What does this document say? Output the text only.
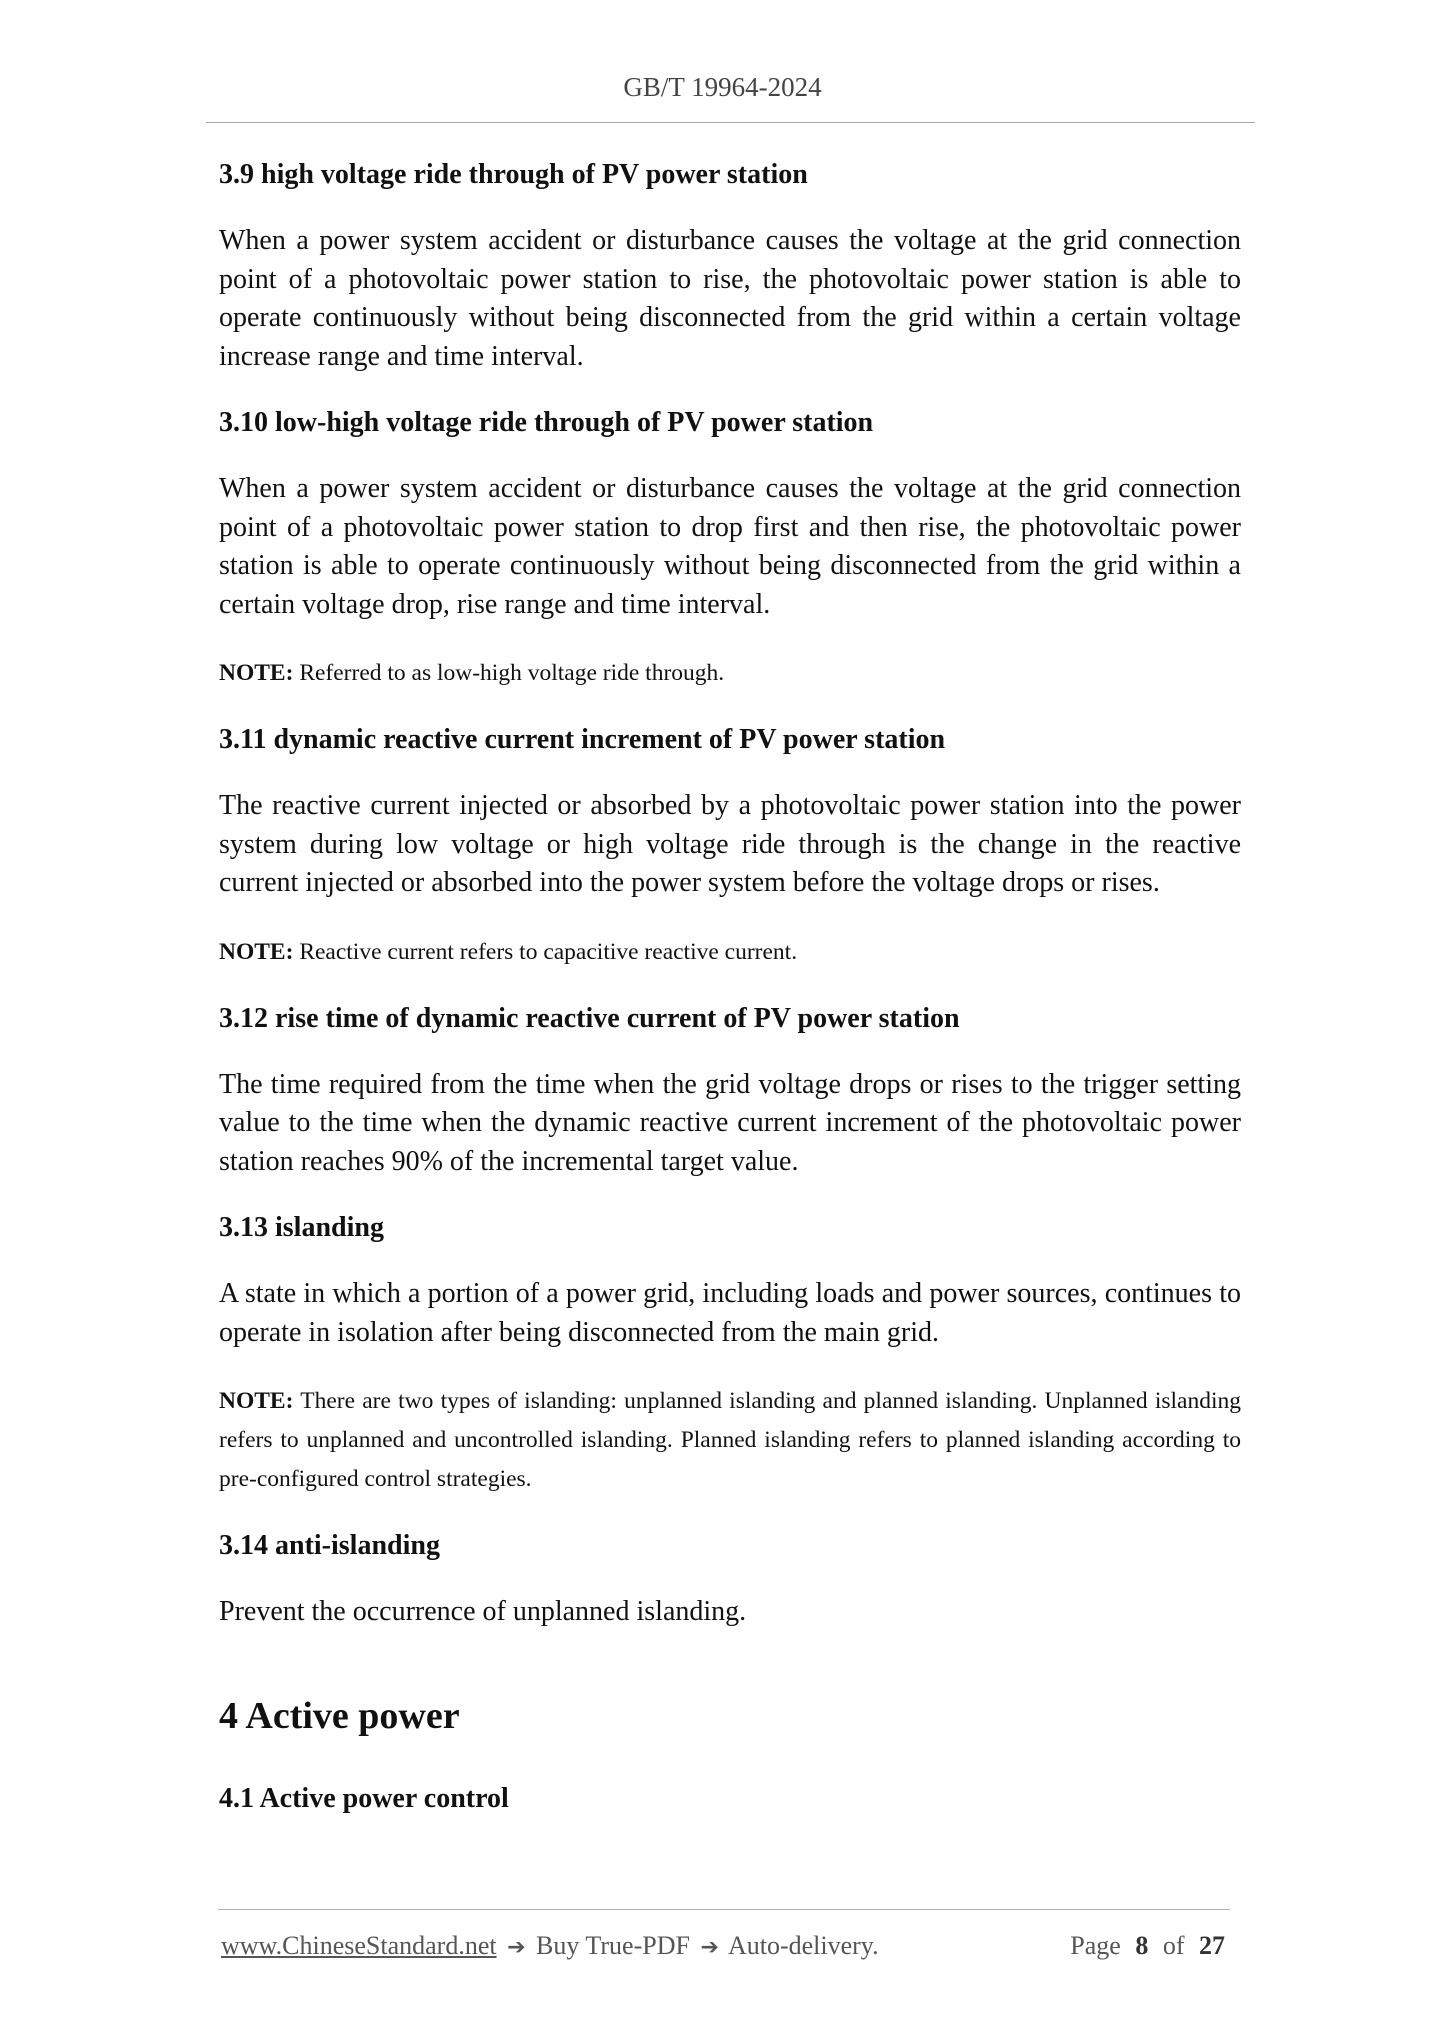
GB/T 19964-2024
3.9 high voltage ride through of PV power station
When a power system accident or disturbance causes the voltage at the grid connection point of a photovoltaic power station to rise, the photovoltaic power station is able to operate continuously without being disconnected from the grid within a certain voltage increase range and time interval.
3.10 low-high voltage ride through of PV power station
When a power system accident or disturbance causes the voltage at the grid connection point of a photovoltaic power station to drop first and then rise, the photovoltaic power station is able to operate continuously without being disconnected from the grid within a certain voltage drop, rise range and time interval.
NOTE: Referred to as low-high voltage ride through.
3.11 dynamic reactive current increment of PV power station
The reactive current injected or absorbed by a photovoltaic power station into the power system during low voltage or high voltage ride through is the change in the reactive current injected or absorbed into the power system before the voltage drops or rises.
NOTE: Reactive current refers to capacitive reactive current.
3.12 rise time of dynamic reactive current of PV power station
The time required from the time when the grid voltage drops or rises to the trigger setting value to the time when the dynamic reactive current increment of the photovoltaic power station reaches 90% of the incremental target value.
3.13 islanding
A state in which a portion of a power grid, including loads and power sources, continues to operate in isolation after being disconnected from the main grid.
NOTE: There are two types of islanding: unplanned islanding and planned islanding. Unplanned islanding refers to unplanned and uncontrolled islanding. Planned islanding refers to planned islanding according to pre-configured control strategies.
3.14 anti-islanding
Prevent the occurrence of unplanned islanding.
4 Active power
4.1 Active power control
www.ChineseStandard.net ➔ Buy True-PDF ➔ Auto-delivery.	Page 8 of 27
